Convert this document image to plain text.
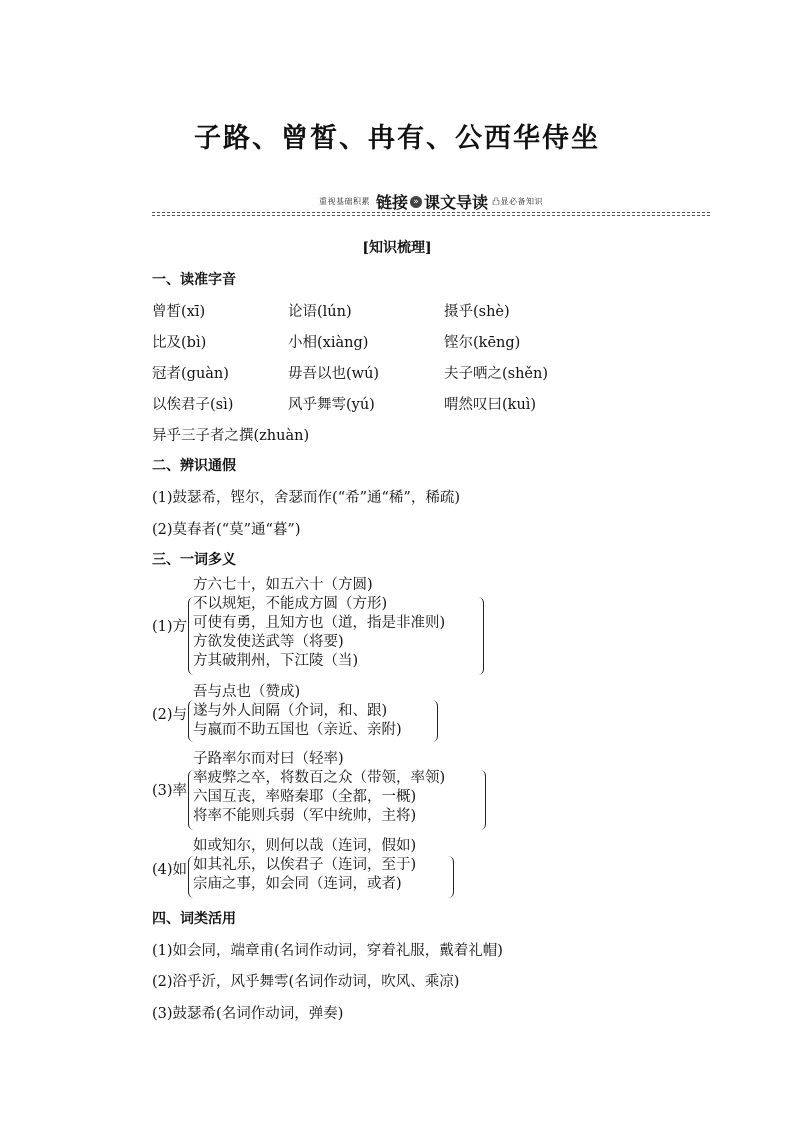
子路、曾皙、冉有、公西华侍坐
重视基础积累 链接 » 课文导读 凸显必备知识
[知识梳理]
一、读准字音
曾皙(xī)	论语(lún)	摄乎(shè)
比及(bì)	小相(xiàng)	铿尔(kēng)
冠者(guàn)	毋吾以也(wú)	夫子哂之(shěn)
以俟君子(sì)	风乎舞雩(yú)	喟然叹曰(kuì)
异乎三子者之撰(zhuàn)
二、辨识通假
(1)鼓瑟希，铿尔，舍瑟而作(“希”通“稀”，稀疏)
(2)莫春者(“莫”通“暮”)
三、一词多义
(1)方
方六七十，如五六十（方圆)
不以规矩，不能成方圆（方形)
可使有勇，且知方也（道，指是非准则)
方欲发使送武等（将要)
方其破荆州，下江陵（当)
(2)与
吾与点也（赞成)
遂与外人间隔（介词，和、跟)
与嬴而不助五国也（亲近、亲附)
(3)率
子路率尔而对曰（轻率)
率疲弊之卒，将数百之众（带领，率领)
六国互丧，率赂秦耶（全都，一概)
将率不能则兵弱（军中统帅，主将)
(4)如
如或知尔，则何以哉（连词，假如)
如其礼乐，以俟君子（连词，至于)
宗庙之事，如会同（连词，或者)
四、词类活用
(1)如会同，端章甫(名词作动词，穿着礼服，戴着礼帽)
(2)浴乎沂，风乎舞雩(名词作动词，吹风、乘凉)
(3)鼓瑟希(名词作动词，弹奏)
